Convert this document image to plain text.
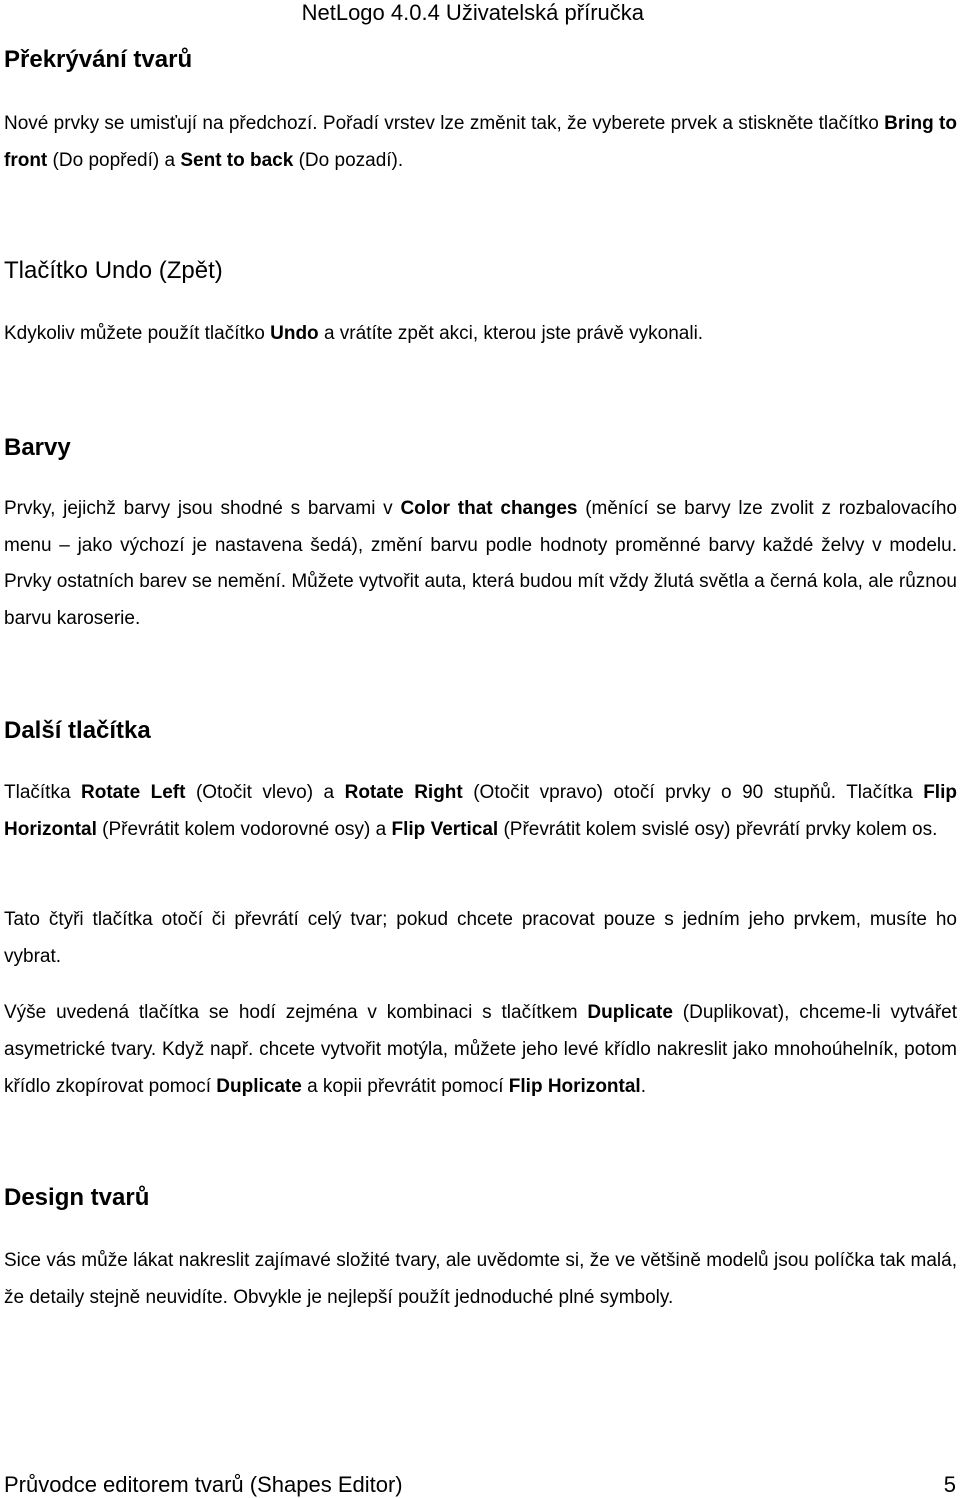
NetLogo 4.0.4 Uživatelská příručka
Překrývání tvarů

Nové prvky se umisťují na předchozí. Pořadí vrstev lze změnit tak, že vyberete prvek a stiskněte tlačítko Bring to front (Do popředí) a Sent to back (Do pozadí).

Tlačítko Undo (Zpět)

Kdykoliv můžete použít tlačítko Undo a vrátíte zpět akci, kterou jste právě vykonali.

Barvy

Prvky, jejichž barvy jsou shodné s barvami v Color that changes (měnící se barvy lze zvolit z rozbalovacího menu – jako výchozí je nastavena šedá), změní barvu podle hodnoty proměnné barvy každé želvy v modelu. Prvky ostatních barev se nemění. Můžete vytvořit auta, která budou mít vždy žlutá světla a černá kola, ale různou barvu karoserie.

Další tlačítka

Tlačítka Rotate Left (Otočit vlevo) a Rotate Right (Otočit vpravo) otočí prvky o 90 stupňů. Tlačítka Flip Horizontal (Převrátit kolem vodorovné osy) a Flip Vertical (Převrátit kolem svislé osy) převrátí prvky kolem os.

Tato čtyři tlačítka otočí či převrátí celý tvar; pokud chcete pracovat pouze s jedním jeho prvkem, musíte ho vybrat.

Výše uvedená tlačítka se hodí zejména v kombinaci s tlačítkem Duplicate (Duplikovat), chceme-li vytvářet asymetrické tvary. Když např. chcete vytvořit motýla, můžete jeho levé křídlo nakreslit jako mnohoúhelník, potom křídlo zkopírovat pomocí Duplicate a kopii převrátit pomocí Flip Horizontal.

Design tvarů

Sice vás může lákat nakreslit zajímavé složité tvary, ale uvědomte si, že ve většině modelů jsou políčka tak malá, že detaily stejně neuvidíte. Obvykle je nejlepší použít jednoduché plné symboly.

Průvodce editorem tvarů (Shapes Editor)	5
